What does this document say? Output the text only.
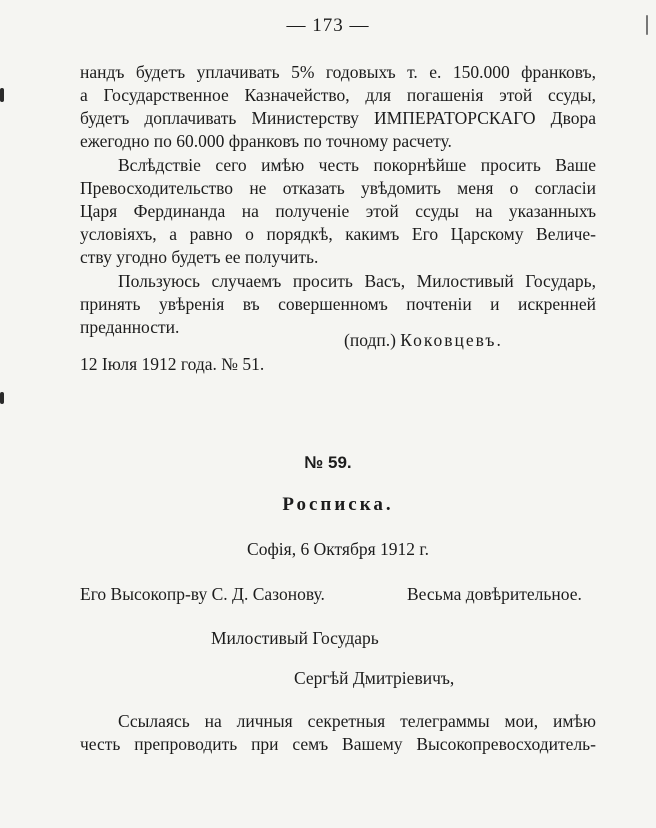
— 173 —
нандъ будетъ уплачивать 5% годовыхъ т. е. 150.000 франковъ,
а Государственное Казначейство, для погашенія этой ссуды,
будетъ доплачивать Министерству ИМПЕРАТОРСКАГО Двора
ежегодно по 60.000 франковъ по точному расчету.
Вслѣдствіе сего имѣю честь покорнѣйше просить Ваше
Превосходительство не отказать увѣдомить меня о согласіи
Царя Фердинанда на полученіе этой ссуды на указанныхъ
условіяхъ, а равно о порядкѣ, какимъ Его Царскому Величе-
ству угодно будетъ ее получить.
Пользуюсь случаемъ просить Васъ, Милостивый Государь,
принять увѣренія въ совершенномъ почтеніи и искренней
преданности.
(подп.) Коковцевъ.
12 Іюля 1912 года. № 51.
№ 59.
Росписка.
Софія, 6 Октября 1912 г.
Его Высокопр-ву С. Д. Сазонову.	Весьма довѣрительное.
Милостивый Государь
Сергѣй Дмитріевичъ,
Ссылаясь на личныя секретныя телеграммы мои, имѣю
честь препроводить при семъ Вашему Высокопревосходитель-
